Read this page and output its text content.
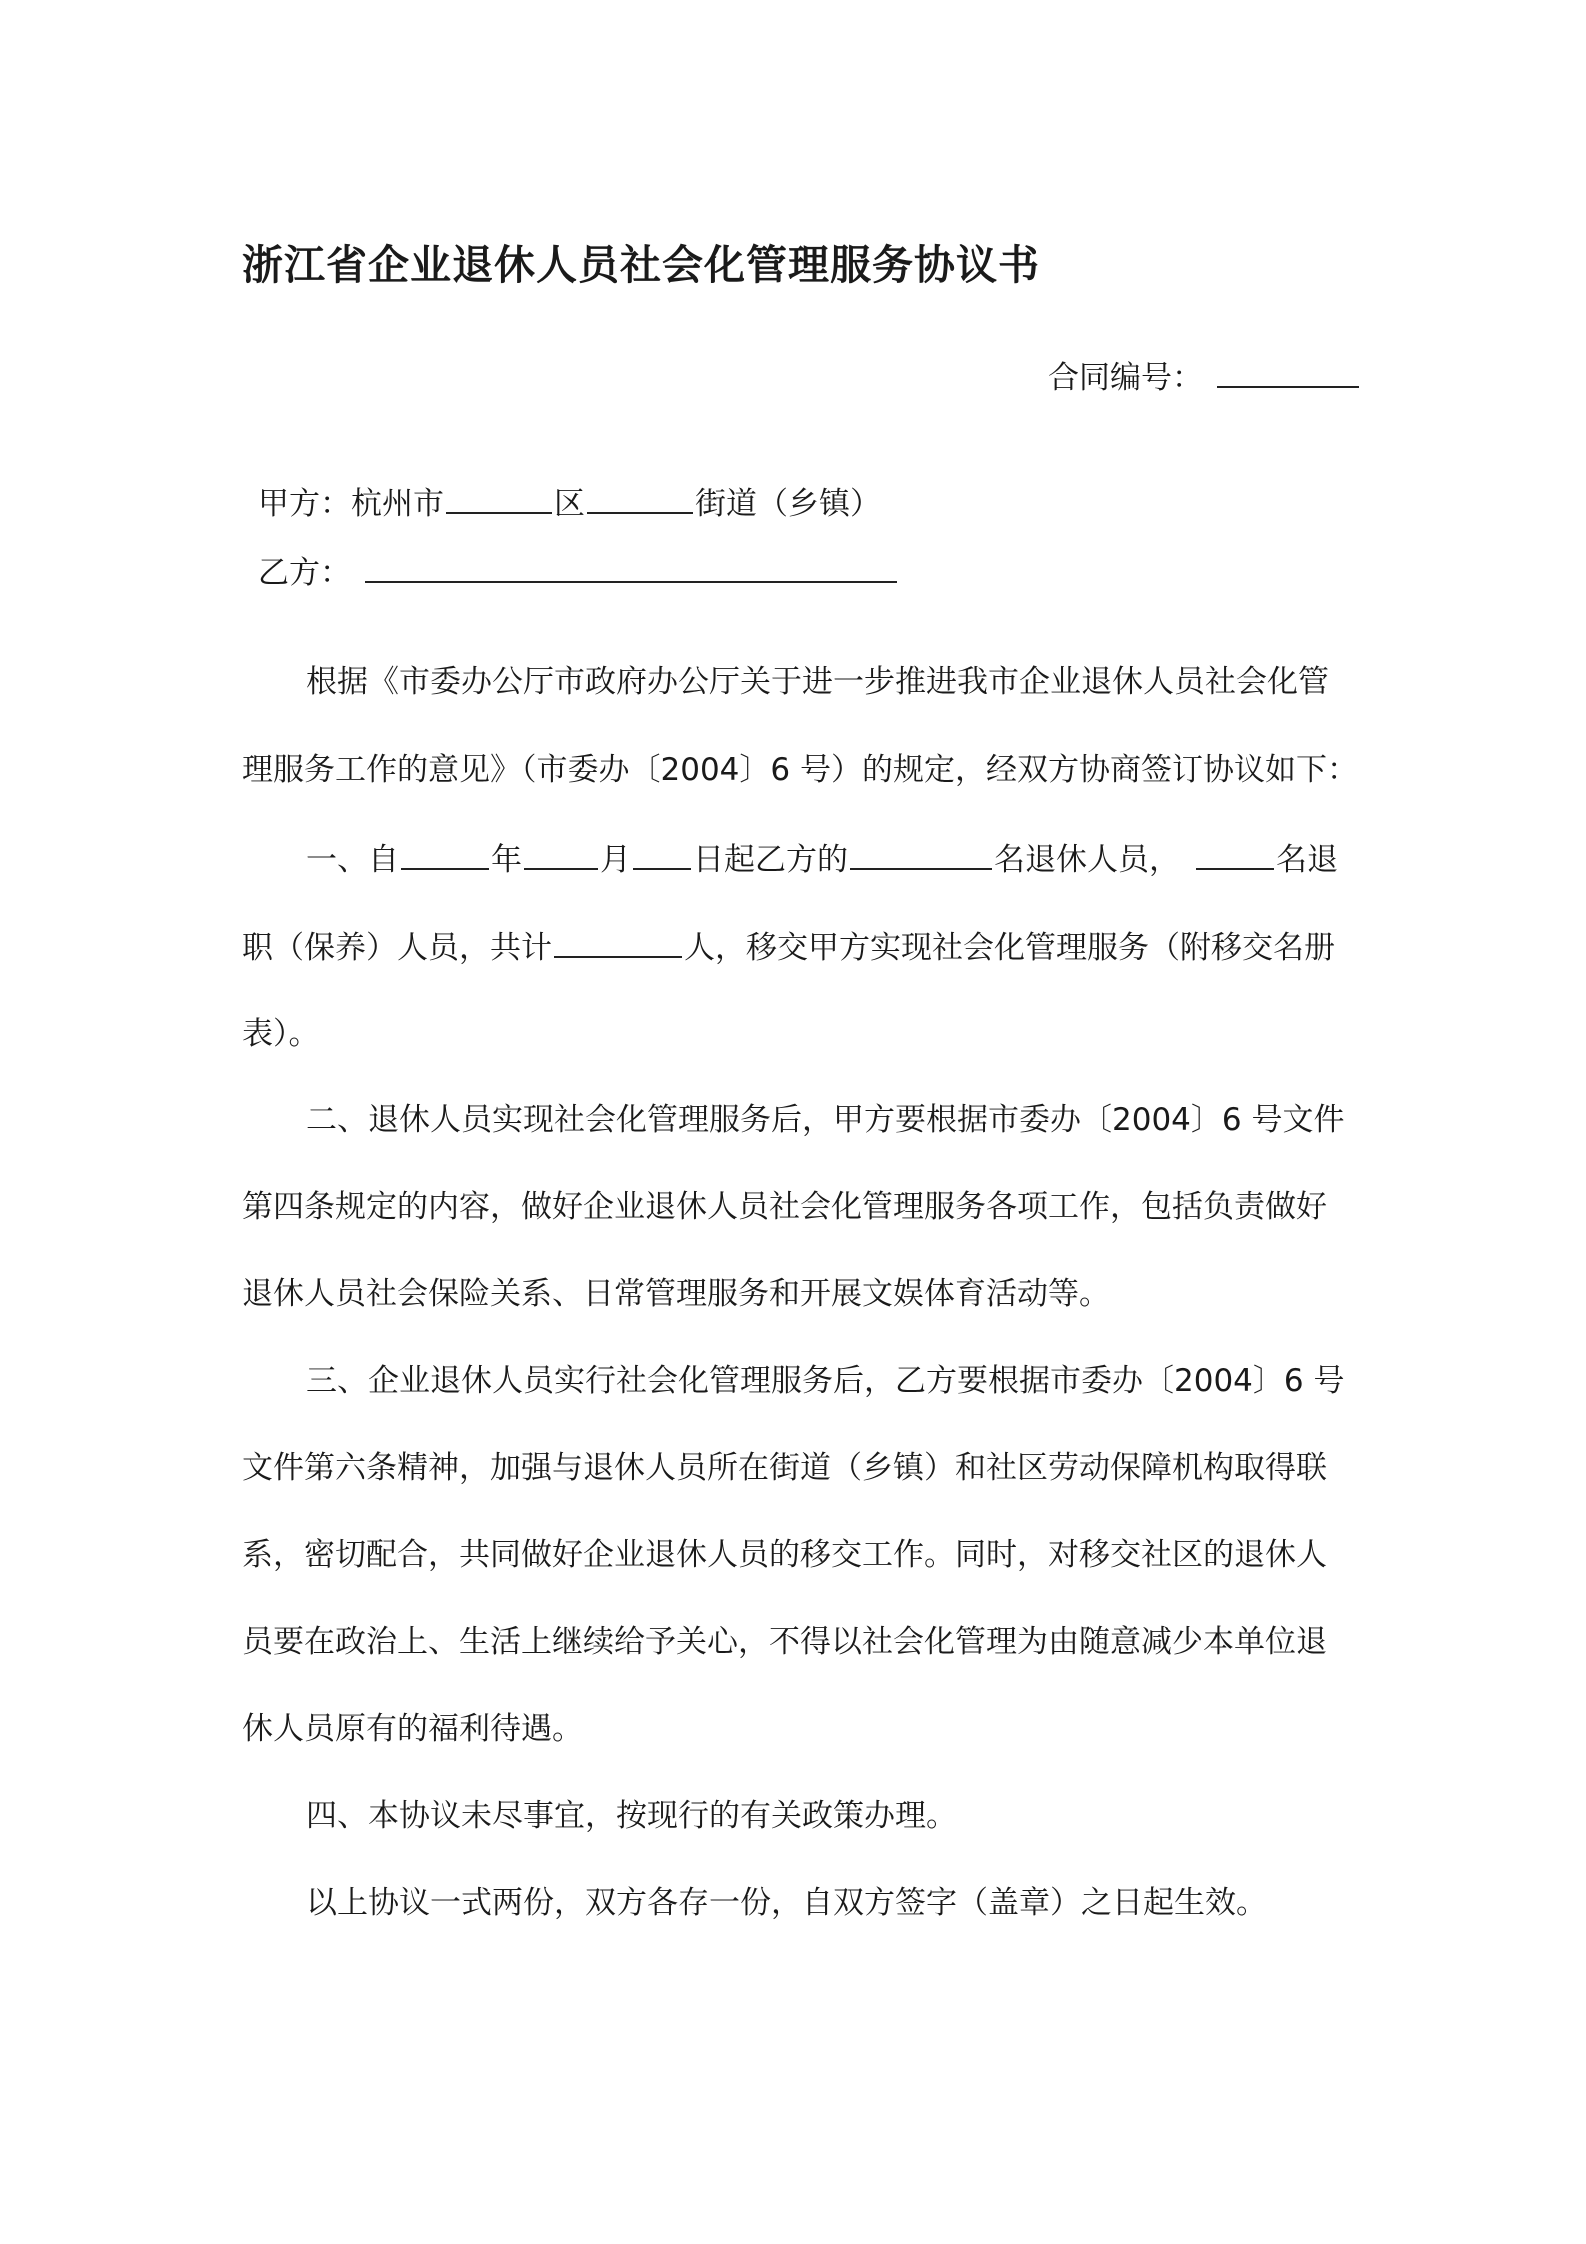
浙江省企业退休人员社会化管理服务协议书
合同编号：
甲方：杭州市	区	街道（乡镇）
乙方：
根据《市委办公厅市政府办公厅关于进一步推进我市企业退休人员社会化管
理服务工作的意见》（市委办〔2004〕6 号）的规定，经双方协商签订协议如下：
一、自	年	月 日起乙方的	名退休人员，	名退
职（保养）人员，共计	人，移交甲方实现社会化管理服务（附移交名册
表）。
二、退休人员实现社会化管理服务后，甲方要根据市委办〔2004〕6 号文件
第四条规定的内容，做好企业退休人员社会化管理服务各项工作，包括负责做好
退休人员社会保险关系、日常管理服务和开展文娱体育活动等。
三、企业退休人员实行社会化管理服务后，乙方要根据市委办〔2004〕6 号
文件第六条精神，加强与退休人员所在街道（乡镇）和社区劳动保障机构取得联
系，密切配合，共同做好企业退休人员的移交工作。同时，对移交社区的退休人
员要在政治上、生活上继续给予关心，不得以社会化管理为由随意减少本单位退
休人员原有的福利待遇。
四、本协议未尽事宜，按现行的有关政策办理。
以上协议一式两份，双方各存一份，自双方签字（盖章）之日起生效。
